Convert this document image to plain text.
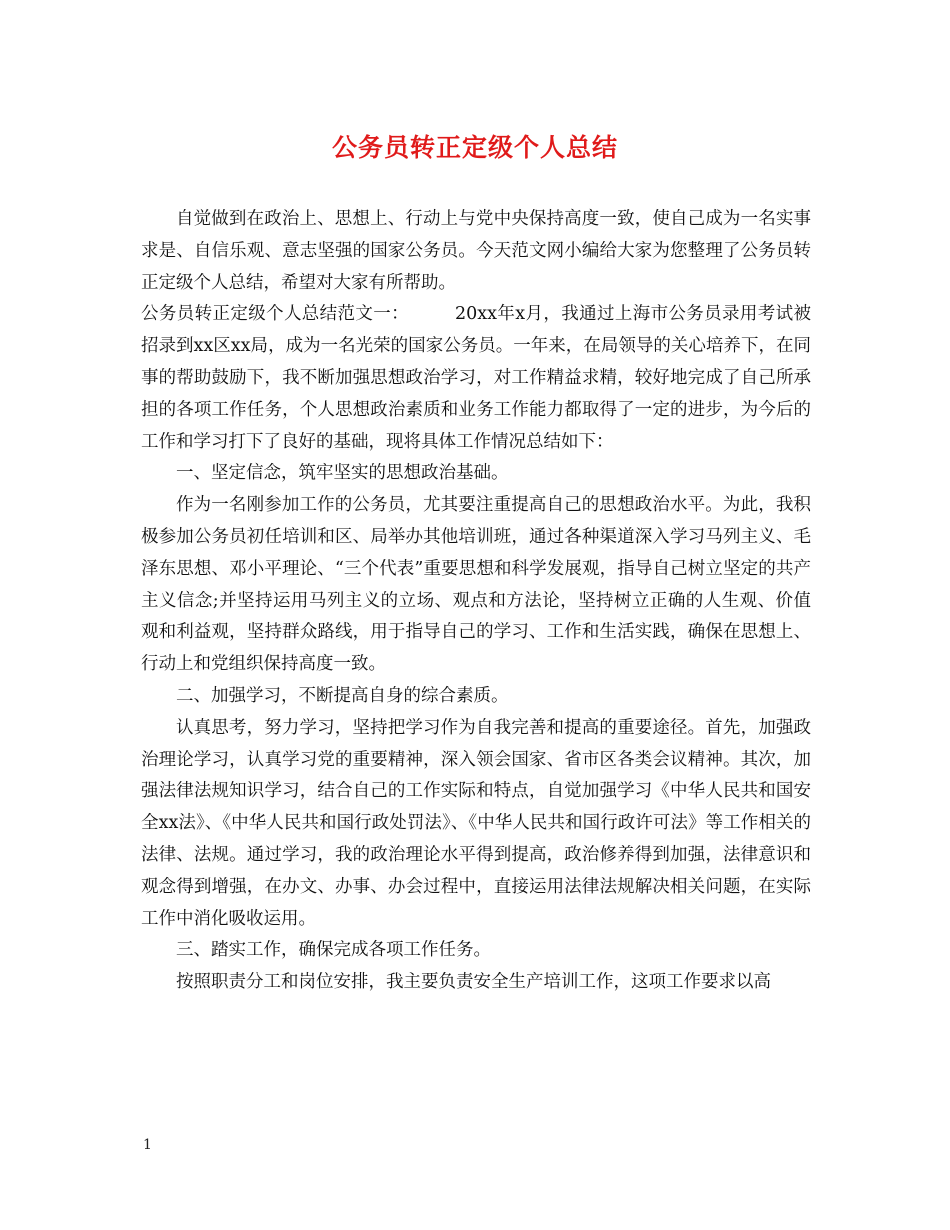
公务员转正定级个人总结

自觉做到在政治上、思想上、行动上与党中央保持高度一致，使自己成为一名实事求是、自信乐观、意志坚强的国家公务员。今天范文网小编给大家为您整理了公务员转正定级个人总结，希望对大家有所帮助。

公务员转正定级个人总结范文一：	20xx年x月，我通过上海市公务员录用考试被招录到xx区xx局，成为一名光荣的国家公务员。一年来，在局领导的关心培养下，在同事的帮助鼓励下，我不断加强思想政治学习，对工作精益求精，较好地完成了自己所承担的各项工作任务，个人思想政治素质和业务工作能力都取得了一定的进步，为今后的工作和学习打下了良好的基础，现将具体工作情况总结如下：

一、坚定信念，筑牢坚实的思想政治基础。

作为一名刚参加工作的公务员，尤其要注重提高自己的思想政治水平。为此，我积极参加公务员初任培训和区、局举办其他培训班，通过各种渠道深入学习马列主义、毛泽东思想、邓小平理论、“三个代表”重要思想和科学发展观，指导自己树立坚定的共产主义信念;并坚持运用马列主义的立场、观点和方法论，坚持树立正确的人生观、价值观和利益观，坚持群众路线，用于指导自己的学习、工作和生活实践，确保在思想上、行动上和党组织保持高度一致。

二、加强学习，不断提高自身的综合素质。

认真思考，努力学习，坚持把学习作为自我完善和提高的重要途径。首先，加强政治理论学习，认真学习党的重要精神，深入领会国家、省市区各类会议精神。其次，加强法律法规知识学习，结合自己的工作实际和特点，自觉加强学习《中华人民共和国安全xx法》、《中华人民共和国行政处罚法》、《中华人民共和国行政许可法》等工作相关的法律、法规。通过学习，我的政治理论水平得到提高，政治修养得到加强，法律意识和观念得到增强，在办文、办事、办会过程中，直接运用法律法规解决相关问题，在实际工作中消化吸收运用。

三、踏实工作，确保完成各项工作任务。

按照职责分工和岗位安排，我主要负责安全生产培训工作，这项工作要求以高

1
